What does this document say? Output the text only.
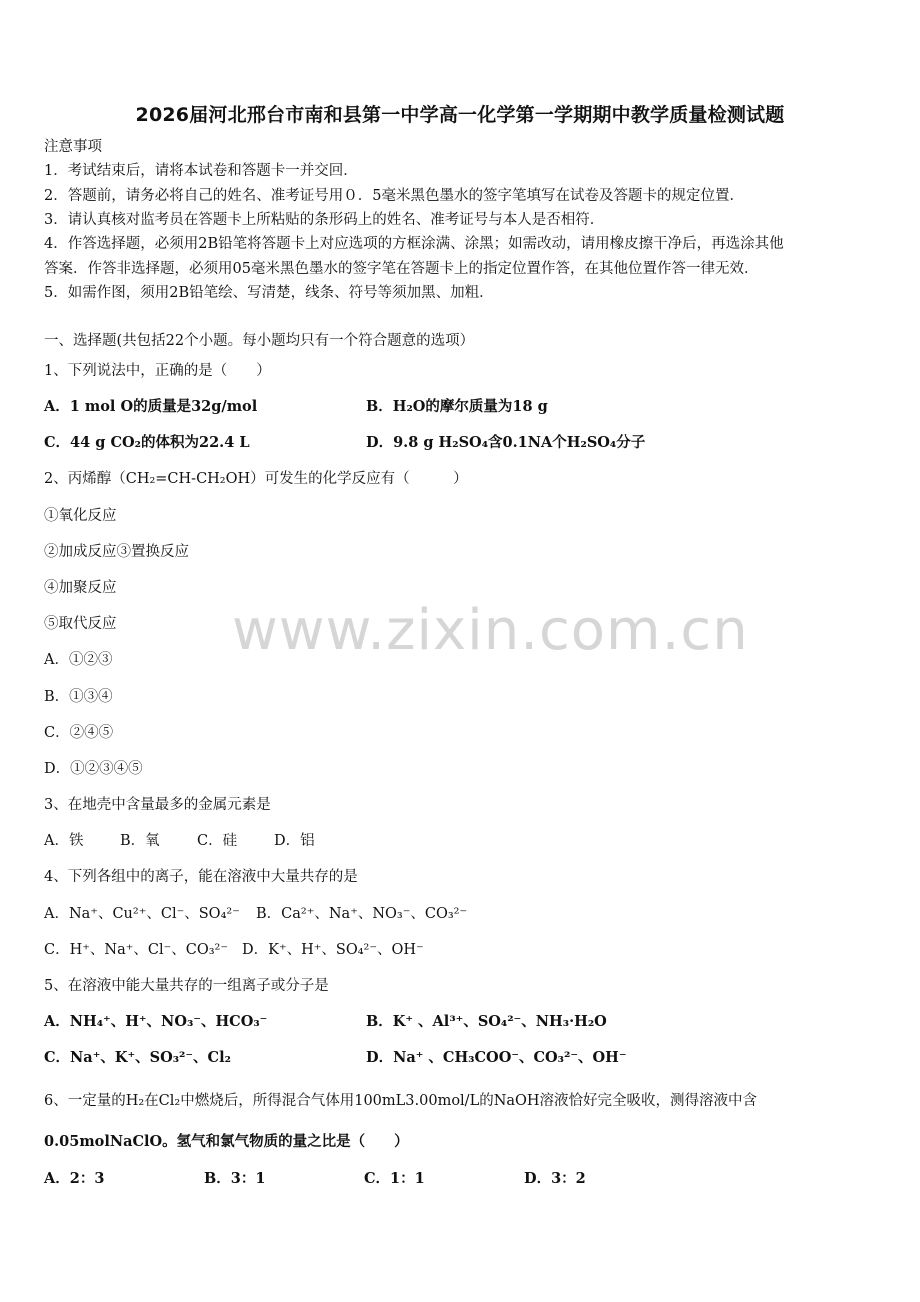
2026届河北邢台市南和县第一中学高一化学第一学期期中教学质量检测试题
注意事项
1．考试结束后，请将本试卷和答题卡一并交回．
2．答题前，请务必将自己的姓名、准考证号用０．5毫米黑色墨水的签字笔填写在试卷及答题卡的规定位置．
3．请认真核对监考员在答题卡上所粘贴的条形码上的姓名、准考证号与本人是否相符．
4．作答选择题，必须用2B铅笔将答题卡上对应选项的方框涂满、涂黑；如需改动，请用橡皮擦干净后，再选涂其他
答案．作答非选择题，必须用05毫米黑色墨水的签字笔在答题卡上的指定位置作答，在其他位置作答一律无效．
5．如需作图，须用2B铅笔绘、写清楚，线条、符号等须加黑、加粗．
一、选择题(共包括22个小题。每小题均只有一个符合题意的选项）
1、下列说法中，正确的是（　　）
A．1 mol O的质量是32g/mol	B．H₂O的摩尔质量为18 g
C．44 g CO₂的体积为22.4 L	D．9.8 g H₂SO₄含0.1NA个H₂SO₄分子
2、丙烯醇（CH₂=CH-CH₂OH）可发生的化学反应有（　　　）
①氧化反应
②加成反应③置换反应
④加聚反应
⑤取代反应
A．①②③
B．①③④
C．②④⑤
D．①②③④⑤
3、在地壳中含量最多的金属元素是
A．铁	B．氧	C．硅	D．铝
4、下列各组中的离子，能在溶液中大量共存的是
A．Na⁺、Cu²⁺、Cl⁻、SO₄²⁻ B．Ca²⁺、Na⁺、NO₃⁻、CO₃²⁻
C．H⁺、Na⁺、Cl⁻、CO₃²⁻ D．K⁺、H⁺、SO₄²⁻、OH⁻
5、在溶液中能大量共存的一组离子或分子是
A．NH₄⁺、H⁺、NO₃⁻、HCO₃⁻	B．K⁺ 、Al³⁺、SO₄²⁻、NH₃·H₂O
C．Na⁺、K⁺、SO₃²⁻、Cl₂	D．Na⁺ 、CH₃COO⁻、CO₃²⁻、OH⁻
6、一定量的H₂在Cl₂中燃烧后，所得混合气体用100mL3.00mol/L的NaOH溶液恰好完全吸收，测得溶液中含
0.05molNaClO。氢气和氯气物质的量之比是（　　）
A．2：3	B．3：1	C．1：1	D．3：2
www.zixin.com.cn
